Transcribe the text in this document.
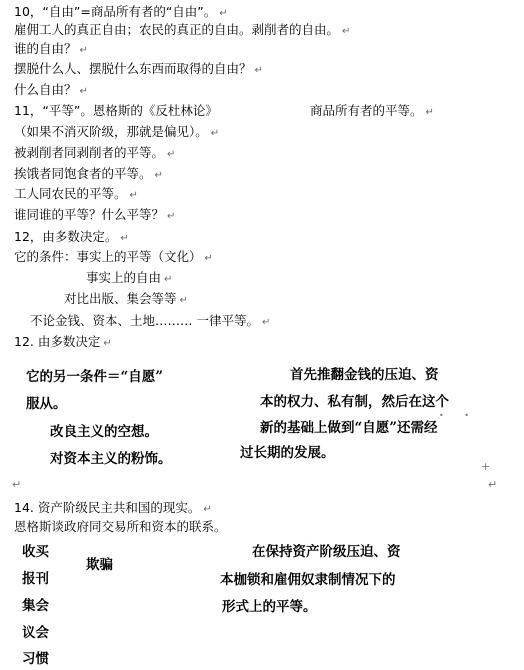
10，“自由”=商品所有者的“自由”。 ↵
雇佣工人的真正自由；农民的真正的自由。剥削者的自由。 ↵
谁的自由？ ↵
摆脱什么人、摆脱什么东西而取得的自由？ ↵
什么自由？ ↵
11，“平等”。恩格斯的《反杜林论》	商品所有者的平等。 ↵
（如果不消灭阶级，那就是偏见）。 ↵
被剥削者同剥削者的平等。 ↵
挨饿者同饱食者的平等。 ↵
工人同农民的平等。 ↵
谁同谁的平等？什么平等？ ↵
12，由多数决定。 ↵
它的条件：事实上的平等（文化） ↵
事实上的自由 ↵
对比出版、集会等等 ↵
不论金钱、资本、土地……… 一律平等。 ↵
12. 由多数决定 ↵
它的另一条件＝“自愿”
服从。
改良主义的空想。
对资本主义的粉饰。
首先推翻金钱的压迫、资
本的权力、私有制，然后在这个
新的基础上做到“自愿”还需经
过长期的发展。
• •
+
↵
↵
14. 资产阶级民主共和国的现实。 ↵
恩格斯谈政府同交易所和资本的联系。
收买
报刊
集会
议会
习惯
欺骗
在保持资产阶级压迫、资
本枷锁和雇佣奴隶制情况下的
形式上的平等。
